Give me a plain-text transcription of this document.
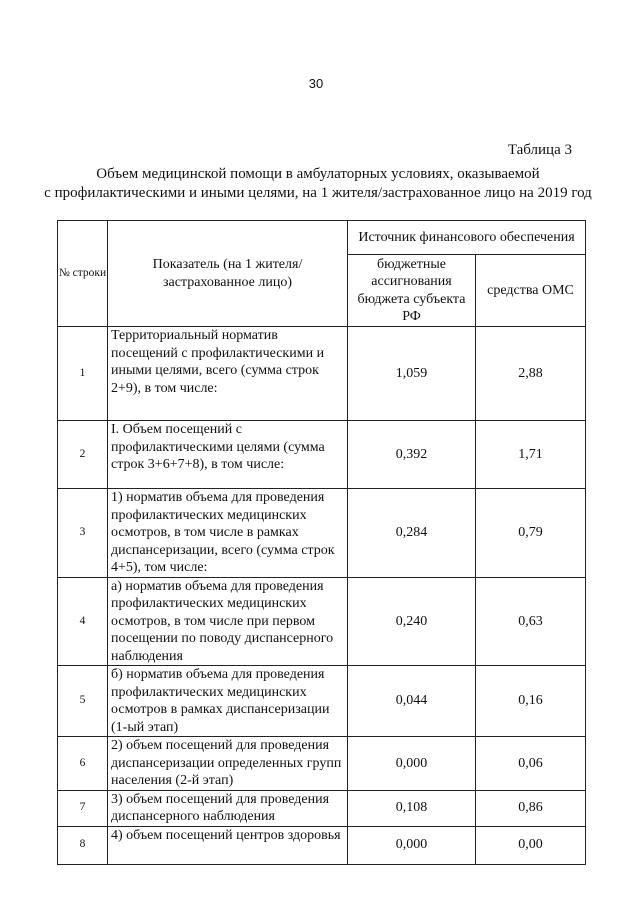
30
Таблица 3
Объем медицинской помощи в амбулаторных условиях, оказываемой
с профилактическими и иными целями, на 1 жителя/застрахованное лицо на 2019 год
№ строки	Показатель (на 1 жителя/застрахованное лицо)	Источник финансового обеспечения	
		бюджетные ассигнования бюджета субъекта РФ	средства ОМС
1	Территориальный норматив посещений с профилактическими и иными целями, всего (сумма строк 2+9), в том числе:	1,059	2,88
2	I. Объем посещений с профилактическими целями (сумма строк 3+6+7+8), в том числе:	0,392	1,71
3	1) норматив объема для проведения профилактических медицинских осмотров, в том числе в рамках диспансеризации, всего (сумма строк 4+5), том числе:	0,284	0,79
4	а) норматив объема для проведения профилактических медицинских осмотров, в том числе при первом посещении по поводу диспансерного наблюдения	0,240	0,63
5	б) норматив объема для проведения профилактических медицинских осмотров в рамках диспансеризации (1-ый этап)	0,044	0,16
6	2) объем посещений для проведения диспансеризации определенных групп населения (2-й этап)	0,000	0,06
7	3) объем посещений для проведения диспансерного наблюдения	0,108	0,86
8	4) объем посещений центров здоровья	0,000	0,00
